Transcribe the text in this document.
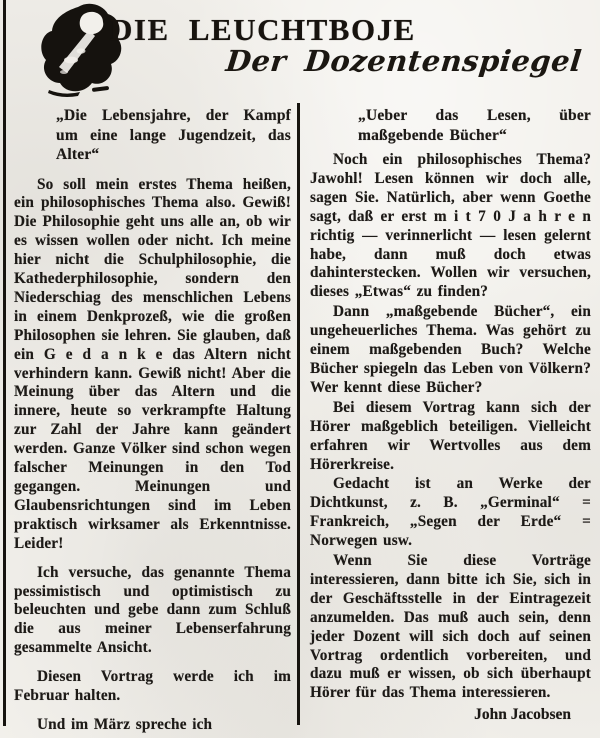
DIE LEUCHTBOJE
Der Dozentenspiegel
„Die Lebensjahre, der Kampf um eine lange Jugendzeit, das Alter“

So soll mein erstes Thema heißen, ein philosophisches Thema also. Gewiß! Die Philosophie geht uns alle an, ob wir es wissen wollen oder nicht. Ich meine hier nicht die Schulphilosophie, die Kathederphilosophie, sondern den Niederschiag des menschlichen Lebens in einem Denkprozeß, wie die großen Philosophen sie lehren. Sie glauben, daß ein G e d a n k e das Altern nicht verhindern kann. Gewiß nicht! Aber die Meinung über das Altern und die innere, heute so verkrampfte Haltung zur Zahl der Jahre kann geändert werden. Ganze Völker sind schon wegen falscher Meinungen in den Tod gegangen. Meinungen und Glaubensrichtungen sind im Leben praktisch wirksamer als Erkenntnisse. Leider!

Ich versuche, das genannte Thema pessimistisch und optimistisch zu beleuchten und gebe dann zum Schluß die aus meiner Lebenserfahrung gesammelte Ansicht.

Diesen Vortrag werde ich im Februar halten.

Und im März spreche ich

„Ueber das Lesen, über maßgebende Bücher“

Noch ein philosophisches Thema? Jawohl! Lesen können wir doch alle, sagen Sie. Natürlich, aber wenn Goethe sagt, daß er erst m i t 7 0 J a h r e n richtig — verinnerlicht — lesen gelernt habe, dann muß doch etwas dahinterstecken. Wollen wir versuchen, dieses „Etwas“ zu finden?

Dann „maßgebende Bücher“, ein ungeheuerliches Thema. Was gehört zu einem maßgebenden Buch? Welche Bücher spiegeln das Leben von Völkern? Wer kennt diese Bücher?

Bei diesem Vortrag kann sich der Hörer maßgeblich beteiligen. Vielleicht erfahren wir Wertvolles aus dem Hörerkreise.

Gedacht ist an Werke der Dichtkunst, z. B. „Germinal“ = Frankreich, „Segen der Erde“ = Norwegen usw.

Wenn Sie diese Vorträge interessieren, dann bitte ich Sie, sich in der Geschäftsstelle in der Eintragezeit anzumelden. Das muß auch sein, denn jeder Dozent will sich doch auf seinen Vortrag ordentlich vorbereiten, und dazu muß er wissen, ob sich überhaupt Hörer für das Thema interessieren.

John Jacobsen
